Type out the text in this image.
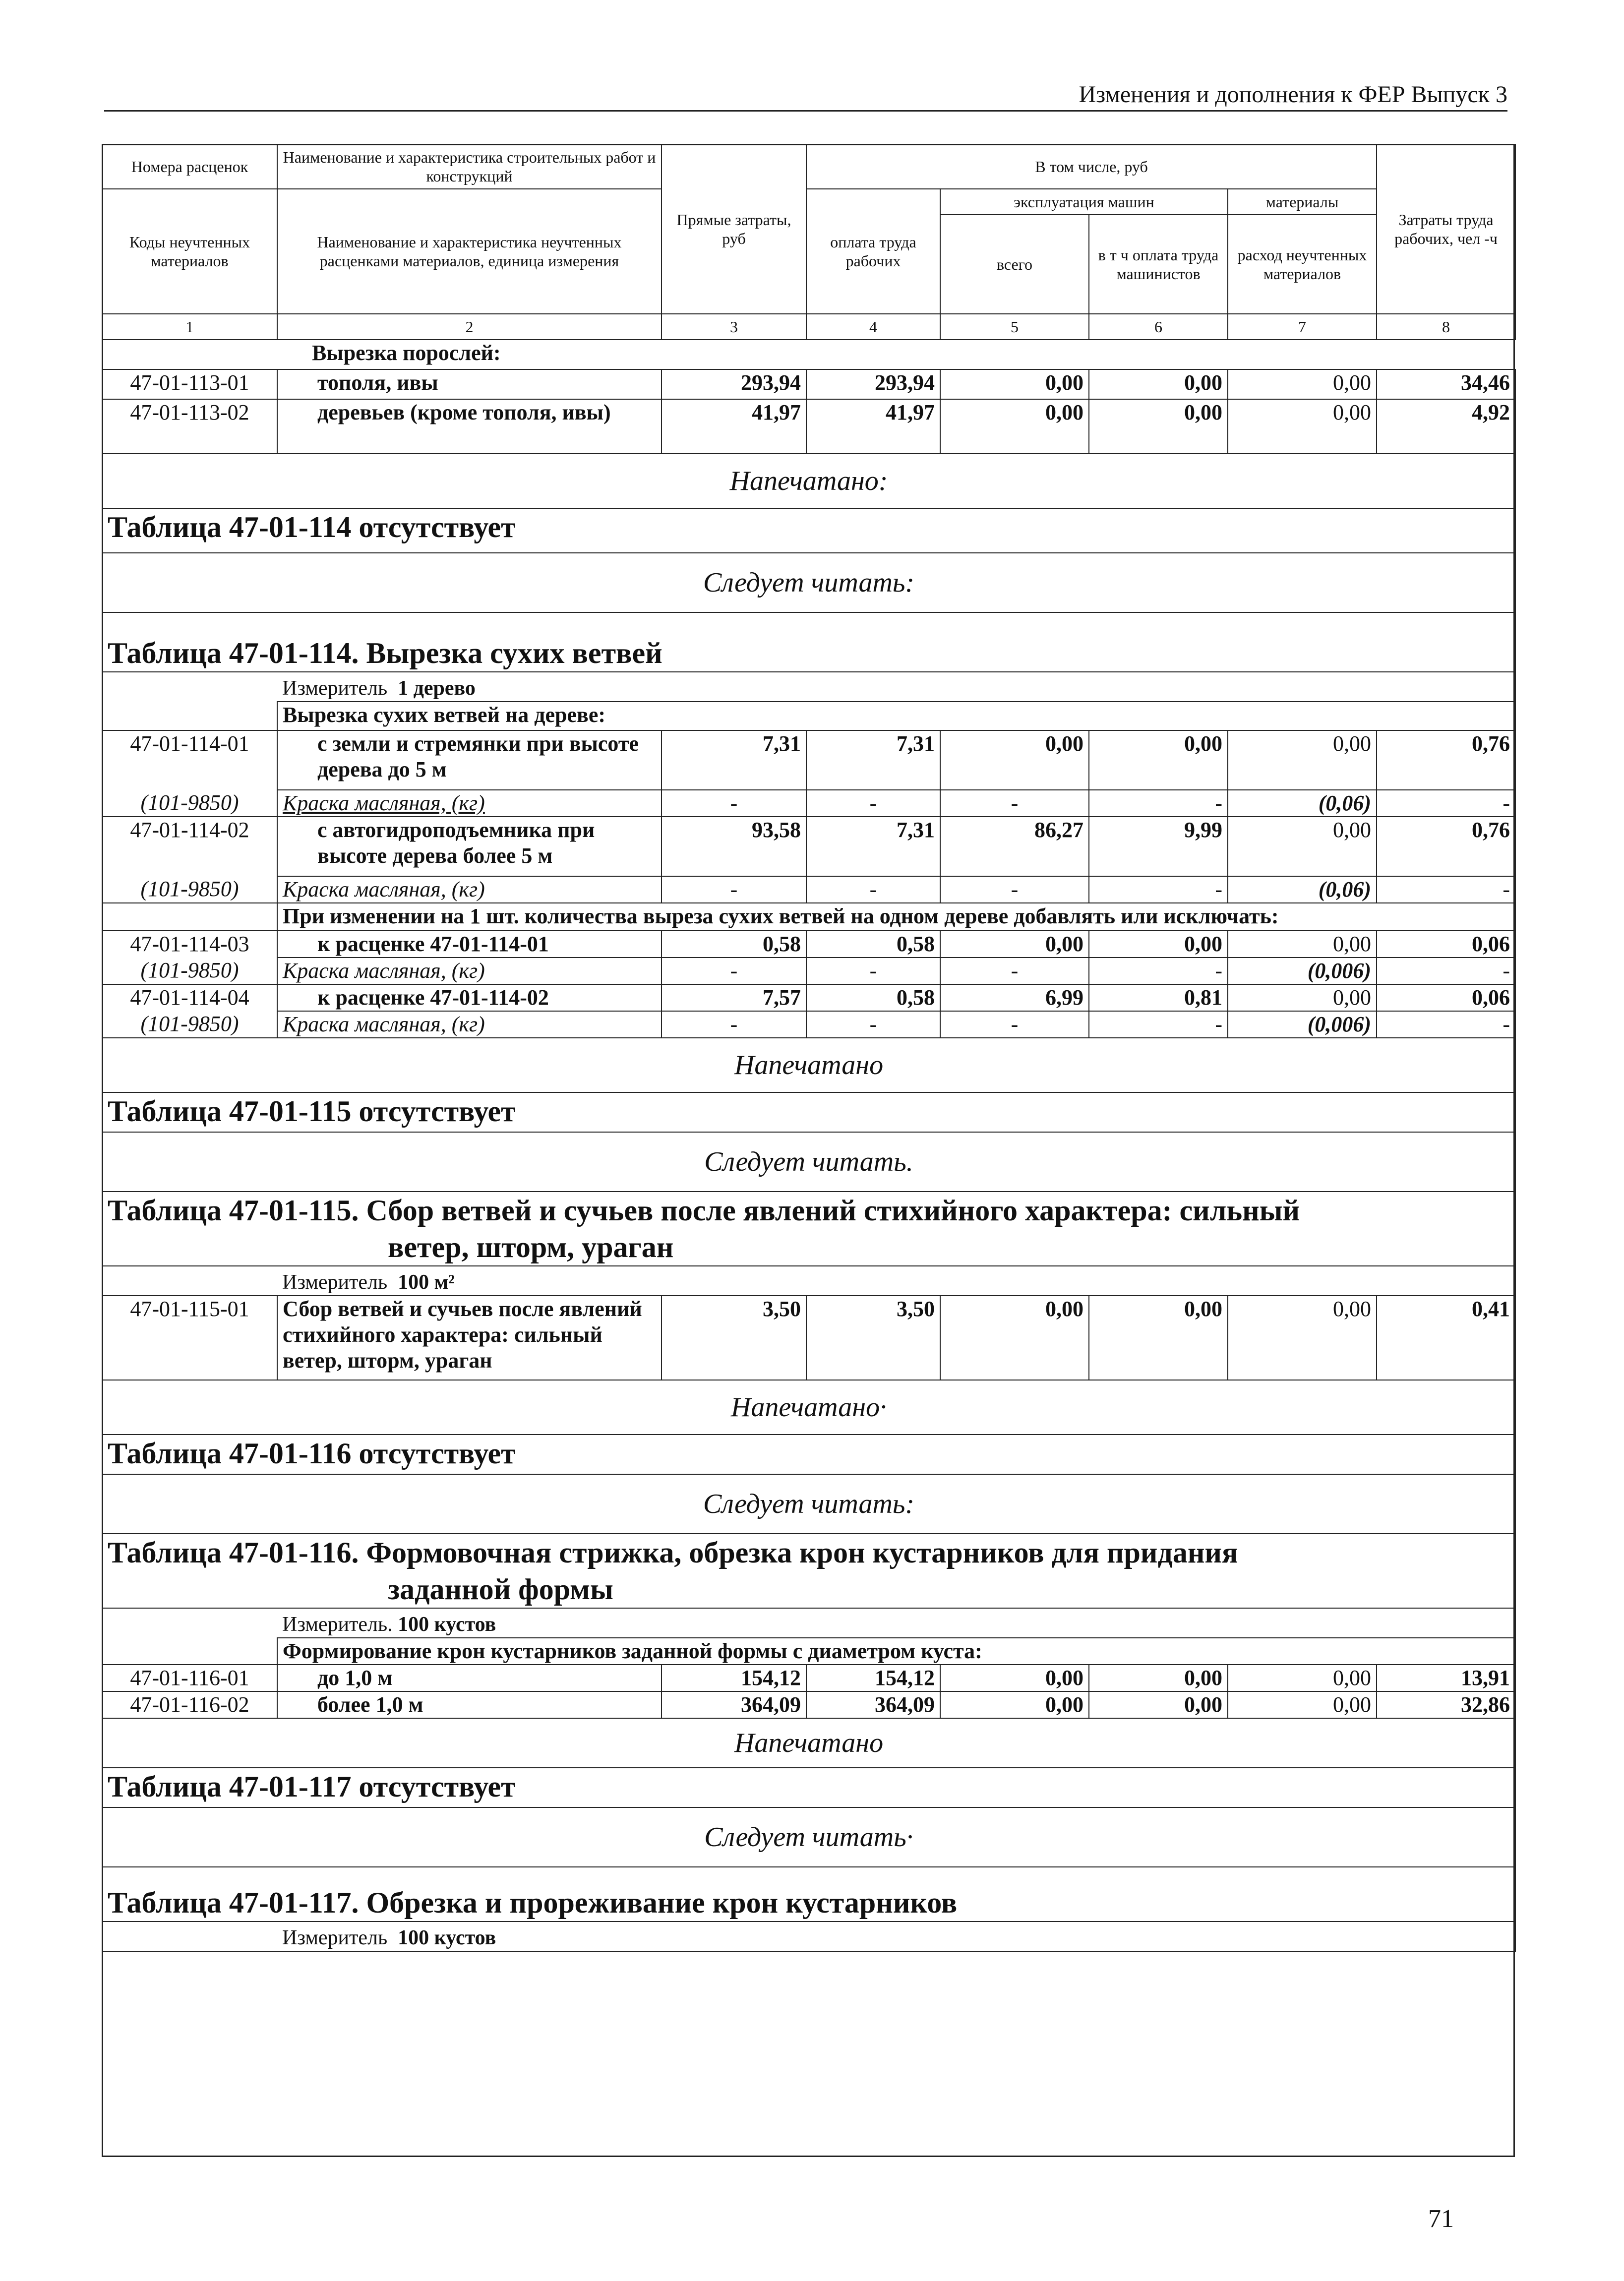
Изменения и дополнения к ФЕР Выпуск 3
Номера расценок	Наименование и характеристика строительных работ и конструкций	Прямые затраты, руб	В том числе, руб				Затраты труда рабочих, чел -ч
Коды неучтенных материалов	Наименование и характеристика неучтенных расценками материалов, единица измерения		оплата труда рабочих	эксплуатация машин		материалы	
				всего	в т ч оплата труда машинистов	расход неучтенных материалов	
1	2	3	4	5	6	7	8
	Вырезка порослей:						
47-01-113-01	тополя, ивы	293,94	293,94	0,00	0,00	0,00	34,46
47-01-113-02	деревьев (кроме тополя, ивы)	41,97	41,97	0,00	0,00	0,00	4,92
Напечатано:							
Таблица 47-01-114 отсутствует							
Следует читать:							
Таблица 47-01-114. Вырезка сухих ветвей							
	Измеритель 1 дерево						
	Вырезка сухих ветвей на дереве:						
47-01-114-01	с земли и стремянки при высоте дерева до 5 м	7,31	7,31	0,00	0,00	0,00	0,76
(101-9850)	Краска масляная, (кг)	-	-	-	-	(0,06)	-
47-01-114-02	с автогидроподъемника при высоте дерева более 5 м	93,58	7,31	86,27	9,99	0,00	0,76
(101-9850)	Краска масляная, (кг)	-	-	-	-	(0,06)	-
	При изменении на 1 шт. количества выреза сухих ветвей на одном дереве добавлять или исключать:						
47-01-114-03	к расценке 47-01-114-01	0,58	0,58	0,00	0,00	0,00	0,06
(101-9850)	Краска масляная, (кг)	-	-	-	-	(0,006)	-
47-01-114-04	к расценке 47-01-114-02	7,57	0,58	6,99	0,81	0,00	0,06
(101-9850)	Краска масляная, (кг)	-	-	-	-	(0,006)	-
Напечатано							
Таблица 47-01-115 отсутствует							
Следует читать.							

Таблица 47-01-115. Сбор ветвей и сучьев после явлений стихийного характера: сильный
ветер, шторм, ураган							

	Измеритель 100 м²						
47-01-115-01	Сбор ветвей и сучьев после явлений стихийного характера: сильный ветер, шторм, ураган	3,50	3,50	0,00	0,00	0,00	0,41
Напечатано·							
Таблица 47-01-116 отсутствует							
Следует читать:							

Таблица 47-01-116. Формовочная стрижка, обрезка крон кустарников для придания
заданной формы							

	Измеритель. 100 кустов						
	Формирование крон кустарников заданной формы с диаметром куста:						
47-01-116-01	до 1,0 м	154,12	154,12	0,00	0,00	0,00	13,91
47-01-116-02	более 1,0 м	364,09	364,09	0,00	0,00	0,00	32,86
Напечатано							
Таблица 47-01-117 отсутствует							
Следует читать·							
Таблица 47-01-117. Обрезка и прореживание крон кустарников							
	Измеритель 100 кустов						
71
